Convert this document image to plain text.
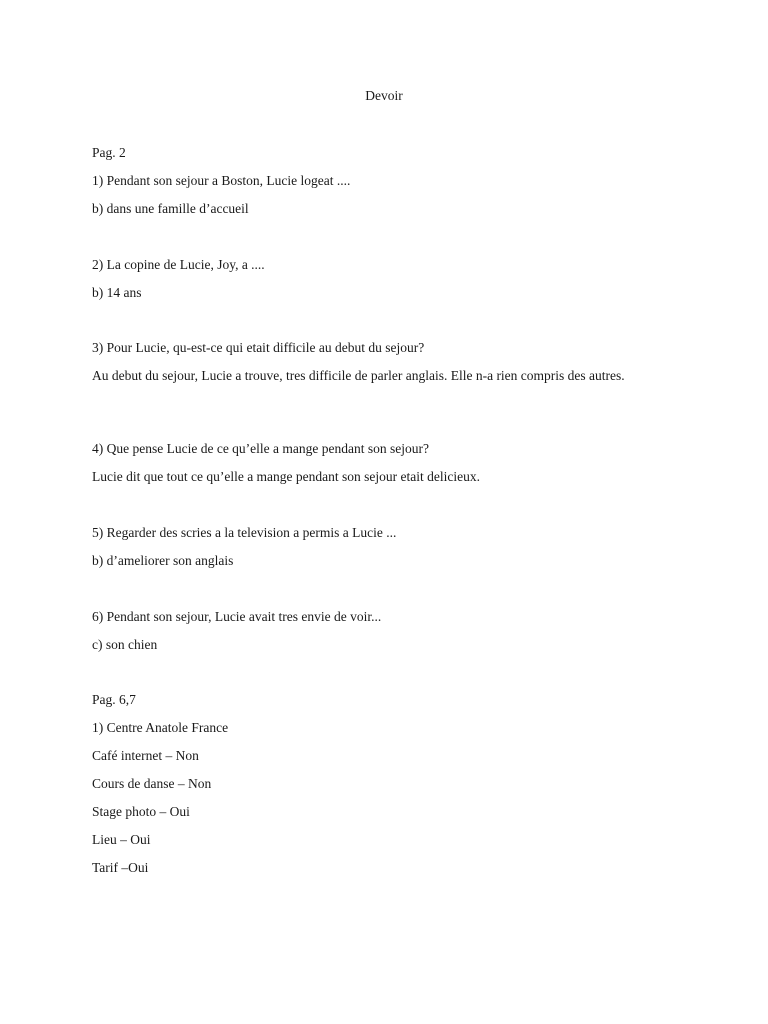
Devoir

Pag. 2

1) Pendant son sejour a Boston, Lucie logeat ....

b) dans une famille d’accueil

2) La copine de Lucie, Joy, a ....

b) 14 ans

3) Pour Lucie, qu-est-ce qui etait difficile au debut du sejour?

Au debut du sejour, Lucie a trouve, tres difficile de parler anglais. Elle n-a rien compris des autres.

4) Que pense Lucie de ce qu’elle a mange pendant son sejour?

Lucie dit que tout ce qu’elle a mange pendant son sejour etait delicieux.

5) Regarder des scries a la television a permis a Lucie ...

b) d’ameliorer son anglais

6) Pendant son sejour, Lucie avait tres envie de voir...

c) son chien

Pag. 6,7

1) Centre Anatole France

Café internet – Non

Cours de danse – Non

Stage photo – Oui

Lieu – Oui

Tarif –Oui
